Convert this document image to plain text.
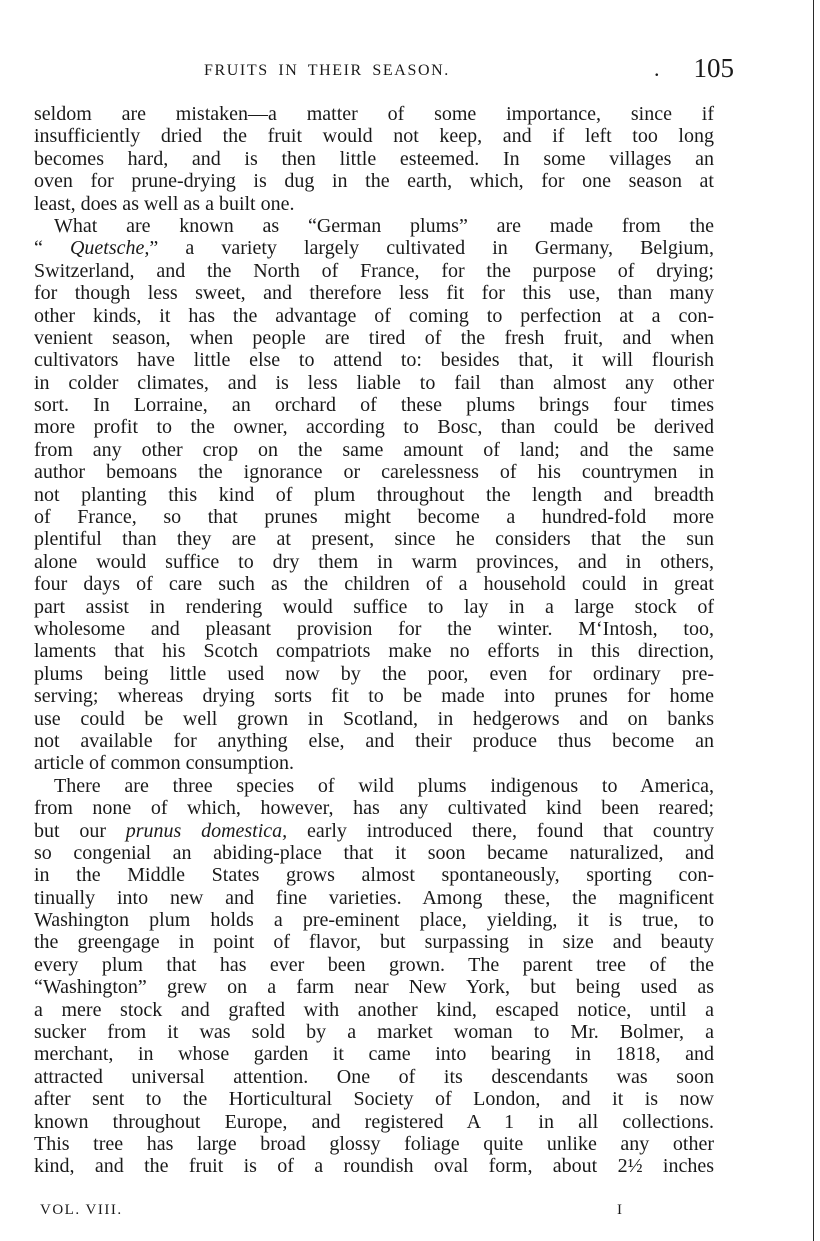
FRUITS IN THEIR SEASON.	. 105

seldom are mistaken—a matter of some importance, since if
insufficiently dried the fruit would not keep, and if left too long
becomes hard, and is then little esteemed. In some villages an
oven for prune-drying is dug in the earth, which, for one season at
least, does as well as a built one.

What are known as “German plums” are made from the
“ Quetsche,” a variety largely cultivated in Germany, Belgium,
Switzerland, and the North of France, for the purpose of drying;
for though less sweet, and therefore less fit for this use, than many
other kinds, it has the advantage of coming to perfection at a con-
venient season, when people are tired of the fresh fruit, and when
cultivators have little else to attend to: besides that, it will flourish
in colder climates, and is less liable to fail than almost any other
sort. In Lorraine, an orchard of these plums brings four times
more profit to the owner, according to Bosc, than could be derived
from any other crop on the same amount of land; and the same
author bemoans the ignorance or carelessness of his countrymen in
not planting this kind of plum throughout the length and breadth
of France, so that prunes might become a hundred-fold more
plentiful than they are at present, since he considers that the sun
alone would suffice to dry them in warm provinces, and in others,
four days of care such as the children of a household could in great
part assist in rendering would suffice to lay in a large stock of
wholesome and pleasant provision for the winter. M‘Intosh, too,
laments that his Scotch compatriots make no efforts in this direction,
plums being little used now by the poor, even for ordinary pre-
serving; whereas drying sorts fit to be made into prunes for home
use could be well grown in Scotland, in hedgerows and on banks
not available for anything else, and their produce thus become an
article of common consumption.

There are three species of wild plums indigenous to America,
from none of which, however, has any cultivated kind been reared;
but our prunus domestica, early introduced there, found that country
so congenial an abiding-place that it soon became naturalized, and
in the Middle States grows almost spontaneously, sporting con-
tinually into new and fine varieties. Among these, the magnificent
Washington plum holds a pre-eminent place, yielding, it is true, to
the greengage in point of flavor, but surpassing in size and beauty
every plum that has ever been grown. The parent tree of the
“Washington” grew on a farm near New York, but being used as
a mere stock and grafted with another kind, escaped notice, until a
sucker from it was sold by a market woman to Mr. Bolmer, a
merchant, in whose garden it came into bearing in 1818, and
attracted universal attention. One of its descendants was soon
after sent to the Horticultural Society of London, and it is now
known throughout Europe, and registered A 1 in all collections.
This tree has large broad glossy foliage quite unlike any other
kind, and the fruit is of a roundish oval form, about 2½ inches

VOL. VIII.	I
